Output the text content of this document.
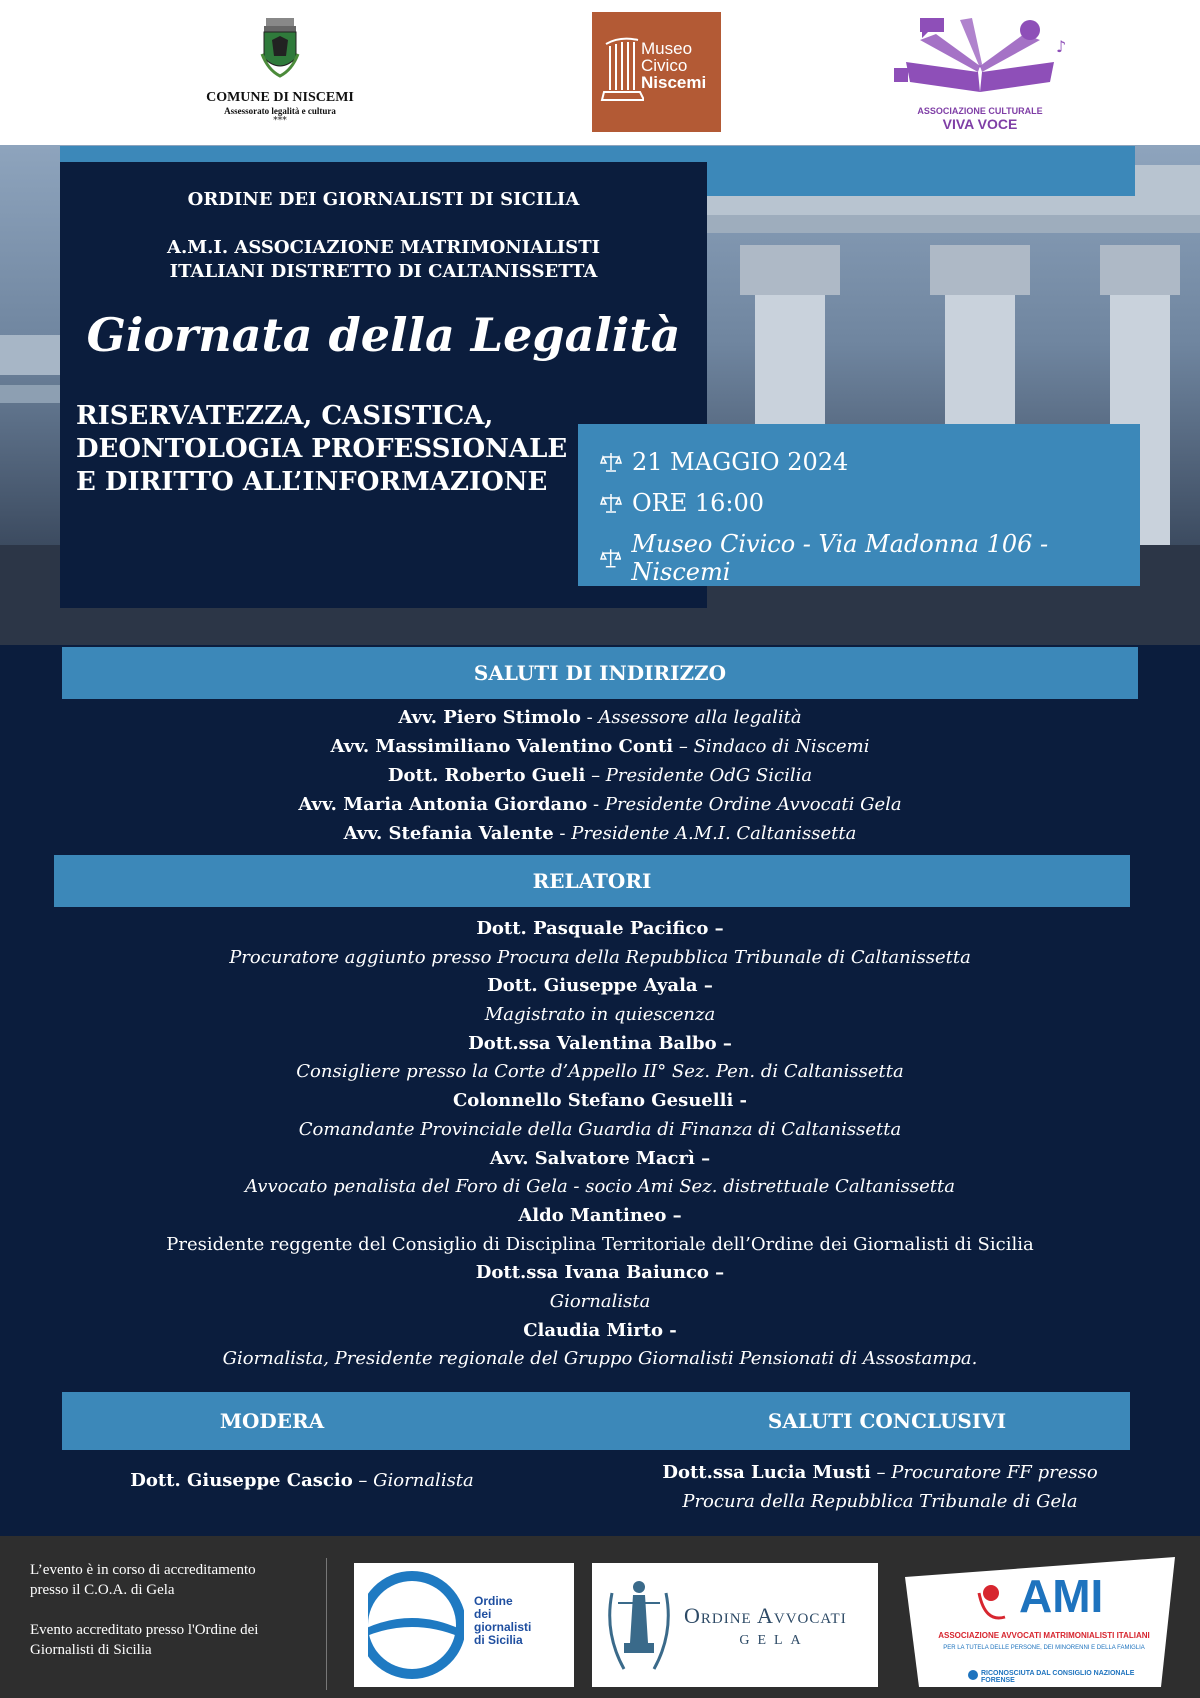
COMUNE DI NISCEMI
Assessorato legalità e cultura
***
Museo
Civico
Niscemi
♪
ASSOCIAZIONE CULTURALE
VIVA VOCE
ORDINE DEI GIORNALISTI DI SICILIA
A.M.I. ASSOCIAZIONE MATRIMONIALISTI
ITALIANI DISTRETTO DI CALTANISSETTA
Giornata della Legalità
RISERVATEZZA, CASISTICA,
DEONTOLOGIA PROFESSIONALE
E DIRITTO ALL’INFORMAZIONE
21 MAGGIO 2024
ORE 16:00
Museo Civico - Via Madonna 106 - Niscemi
SALUTI DI INDIRIZZO
Avv. Piero Stimolo - Assessore alla legalità
Avv. Massimiliano Valentino Conti – Sindaco di Niscemi
Dott. Roberto Gueli – Presidente OdG Sicilia
Avv. Maria Antonia Giordano - Presidente Ordine Avvocati Gela
Avv. Stefania Valente - Presidente A.M.I. Caltanissetta
RELATORI
Dott. Pasquale Pacifico –
Procuratore aggiunto presso Procura della Repubblica Tribunale di Caltanissetta
Dott. Giuseppe Ayala –
Magistrato in quiescenza
Dott.ssa Valentina Balbo –
Consigliere presso la Corte d’Appello II° Sez. Pen. di Caltanissetta
Colonnello Stefano Gesuelli -
Comandante Provinciale della Guardia di Finanza di Caltanissetta
Avv. Salvatore Macrì –
Avvocato penalista del Foro di Gela - socio Ami Sez. distrettuale Caltanissetta
Aldo Mantineo –
Presidente reggente del Consiglio di Disciplina Territoriale dell’Ordine dei Giornalisti di Sicilia
Dott.ssa Ivana Baiunco –
Giornalista
Claudia Mirto -
Giornalista, Presidente regionale del Gruppo Giornalisti Pensionati di Assostampa.
MODERA	SALUTI CONCLUSIVI
Dott. Giuseppe Cascio – Giornalista	Dott.ssa Lucia Musti – Procuratore FF presso
Procura della Repubblica Tribunale di Gela
L’evento è in corso di accreditamento
presso il C.O.A. di Gela
Evento accreditato presso l'Ordine dei
Giornalisti di Sicilia
Ordine
dei
giornalisti
di Sicilia
Ordine Avvocati
GELA
AMI
ASSOCIAZIONE AVVOCATI MATRIMONIALISTI ITALIANI
PER LA TUTELA DELLE PERSONE, DEI MINORENNI E DELLA FAMIGLIA
RICONOSCIUTA DAL CONSIGLIO NAZIONALE FORENSE
